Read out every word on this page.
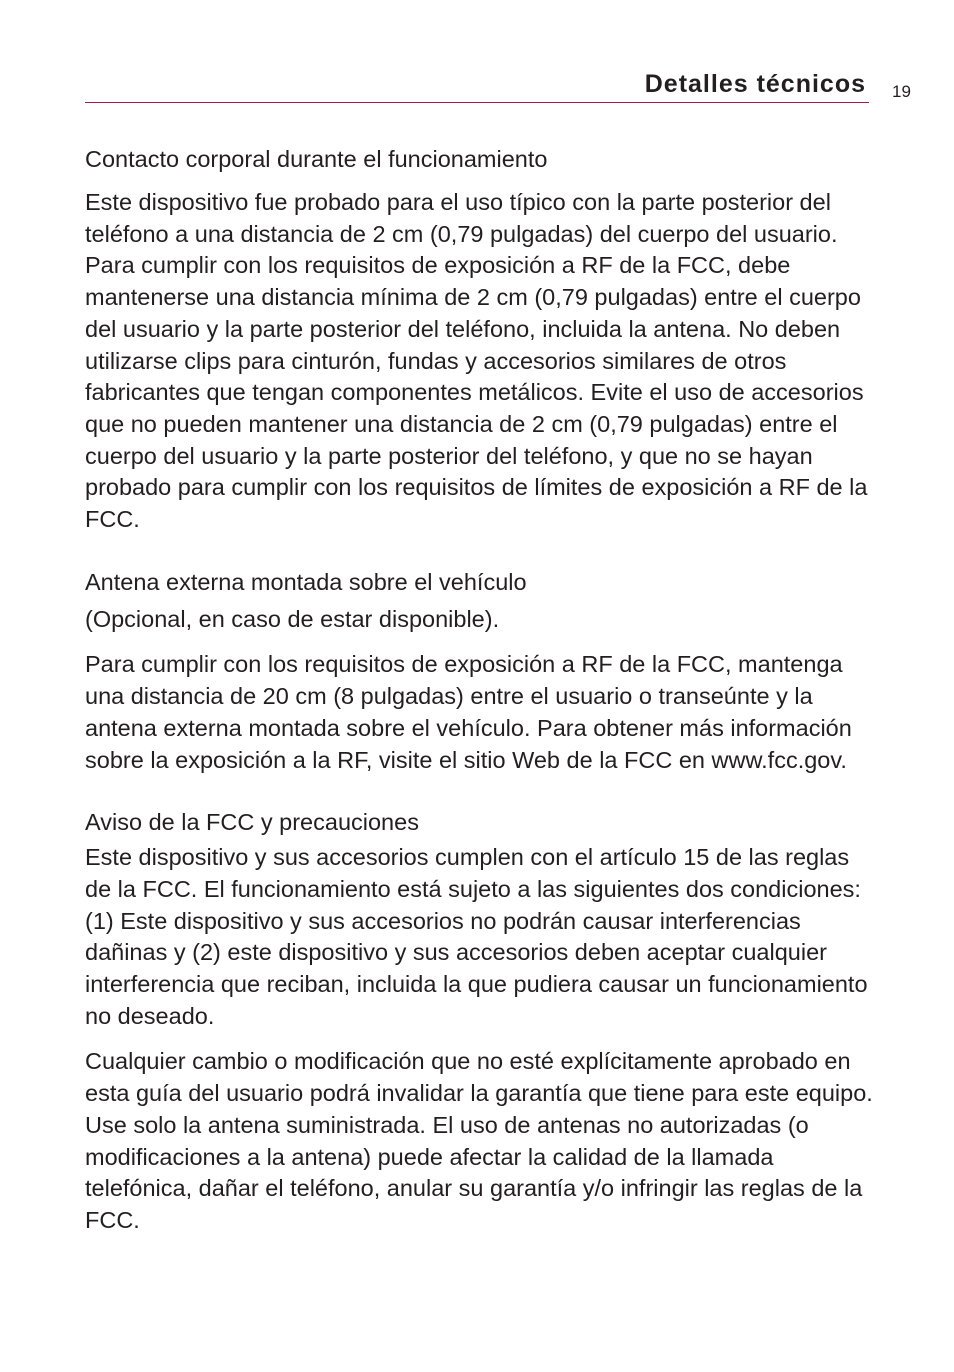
Detalles técnicos 19
Contacto corporal durante el funcionamiento

Este dispositivo fue probado para el uso típico con la parte posterior del teléfono a una distancia de 2 cm (0,79 pulgadas) del cuerpo del usuario. Para cumplir con los requisitos de exposición a RF de la FCC, debe mantenerse una distancia mínima de 2 cm (0,79 pulgadas) entre el cuerpo del usuario y la parte posterior del teléfono, incluida la antena. No deben utilizarse clips para cinturón, fundas y accesorios similares de otros fabricantes que tengan componentes metálicos. Evite el uso de accesorios que no pueden mantener una distancia de 2 cm (0,79 pulgadas) entre el cuerpo del usuario y la parte posterior del teléfono, y que no se hayan probado para cumplir con los requisitos de límites de exposición a RF de la FCC.

Antena externa montada sobre el vehículo

(Opcional, en caso de estar disponible).

Para cumplir con los requisitos de exposición a RF de la FCC, mantenga una distancia de 20 cm (8 pulgadas) entre el usuario o transeúnte y la antena externa montada sobre el vehículo. Para obtener más información sobre la exposición a la RF, visite el sitio Web de la FCC en www.fcc.gov.

Aviso de la FCC y precauciones

Este dispositivo y sus accesorios cumplen con el artículo 15 de las reglas de la FCC. El funcionamiento está sujeto a las siguientes dos condiciones: (1) Este dispositivo y sus accesorios no podrán causar interferencias dañinas y (2) este dispositivo y sus accesorios deben aceptar cualquier interferencia que reciban, incluida la que pudiera causar un funcionamiento no deseado.

Cualquier cambio o modificación que no esté explícitamente aprobado en esta guía del usuario podrá invalidar la garantía que tiene para este equipo. Use solo la antena suministrada. El uso de antenas no autorizadas (o modificaciones a la antena) puede afectar la calidad de la llamada telefónica, dañar el teléfono, anular su garantía y/o infringir las reglas de la FCC.
